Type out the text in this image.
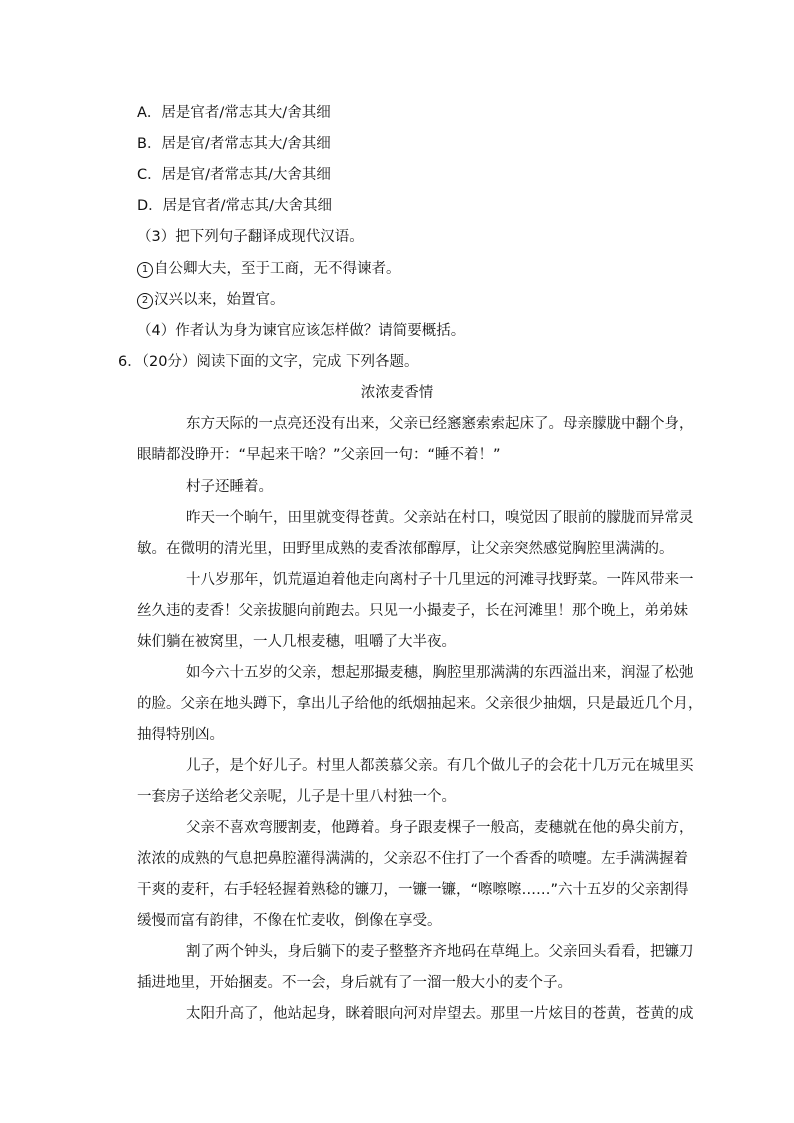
A．居是官者/常志其大/舍其细
B．居是官/者常志其大/舍其细
C．居是官/者常志其/大舍其细
D．居是官者/常志其/大舍其细
（3）把下列句子翻译成现代汉语。
1 自公卿大夫，至于工商，无不得谏者。
2 汉兴以来，始置官。
（4）作者认为身为谏官应该怎样做？请简要概括。
6．（20分）阅读下面的文字，完成 下列各题。
浓浓麦香情
东方天际的一点亮还没有出来，父亲已经窸窸索索起床了。母亲朦胧中翻个身，
眼睛都没睁开：“早起来干啥？”父亲回一句：“睡不着！”
村子还睡着。
昨天一个晌午，田里就变得苍黄。父亲站在村口，嗅觉因了眼前的朦胧而异常灵
敏。在微明的清光里，田野里成熟的麦香浓郁醇厚，让父亲突然感觉胸腔里满满的。
十八岁那年，饥荒逼迫着他走向离村子十几里远的河滩寻找野菜。一阵风带来一
丝久违的麦香！父亲拔腿向前跑去。只见一小撮麦子，长在河滩里！那个晚上，弟弟妹
妹们躺在被窝里，一人几根麦穗，咀嚼了大半夜。
如今六十五岁的父亲，想起那撮麦穗，胸腔里那满满的东西溢出来，润湿了松弛
的脸。父亲在地头蹲下，拿出儿子给他的纸烟抽起来。父亲很少抽烟，只是最近几个月，
抽得特别凶。
儿子，是个好儿子。村里人都羡慕父亲。有几个做儿子的会花十几万元在城里买
一套房子送给老父亲呢，儿子是十里八村独一个。
父亲不喜欢弯腰割麦，他蹲着。身子跟麦棵子一般高，麦穗就在他的鼻尖前方，
浓浓的成熟的气息把鼻腔灌得满满的，父亲忍不住打了一个香香的喷嚏。左手满满握着
干爽的麦秆，右手轻轻握着熟稔的镰刀，一镰一镰，“嚓嚓嚓……”六十五岁的父亲割得
缓慢而富有韵律，不像在忙麦收，倒像在享受。
割了两个钟头，身后躺下的麦子整整齐齐地码在草绳上。父亲回头看看，把镰刀
插进地里，开始捆麦。不一会，身后就有了一溜一般大小的麦个子。
太阳升高了，他站起身，眯着眼向河对岸望去。那里一片炫目的苍黄，苍黄的成
